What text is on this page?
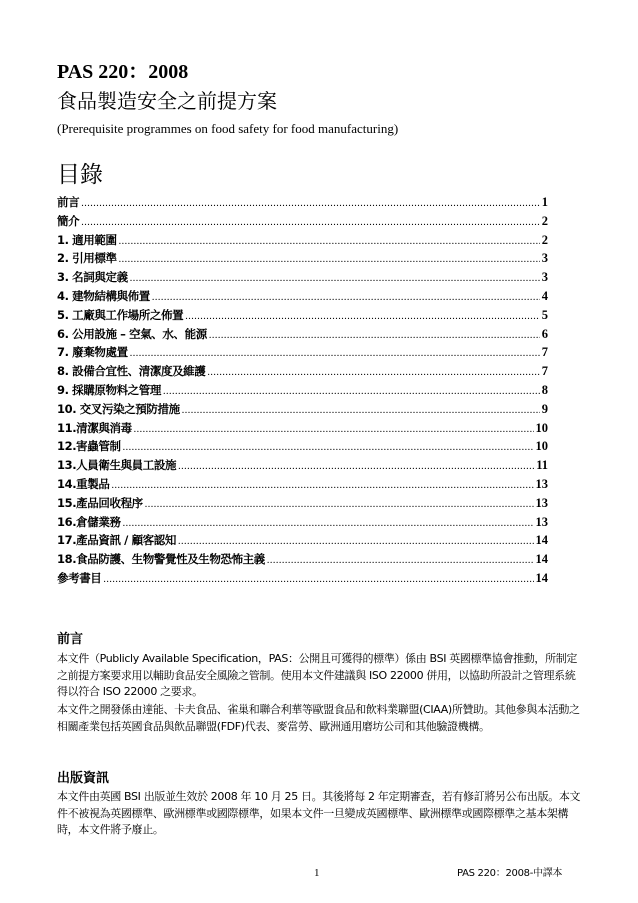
PAS 220：2008
食品製造安全之前提方案
(Prerequisite programmes on food safety for food manufacturing)
目錄
前言 .....	1
簡介 .....	2
1. 適用範圍 .....	2
2. 引用標準 .....	3
3. 名詞與定義 .....	3
4. 建物結構與佈置 .....	4
5. 工廠與工作場所之佈置 .....	5
6. 公用設施 – 空氣、水、能源 .....	6
7. 廢棄物處置 .....	7
8. 設備合宜性、清潔度及維護 .....	7
9. 採購原物料之管理 .....	8
10. 交叉污染之預防措施 .....	9
11.清潔與消毒 .....	10
12.害蟲管制 .....	10
13.人員衛生與員工設施 .....	11
14.重製品 .....	13
15.產品回收程序 .....	13
16.倉儲業務 .....	13
17.產品資訊 / 顧客認知 .....	14
18.食品防護、生物警覺性及生物恐怖主義 .....	14
參考書目 .....	14
前言

本文件（Publicly Available Specification，PAS：公開且可獲得的標準）係由 BSI 英國標準協會推動，所制定之前提方案要求用以輔助食品安全風險之管制。使用本文件建議與 ISO 22000 併用，以協助所設計之管理系統得以符合 ISO 22000 之要求。

本文件之開發係由達能、卡夫食品、雀巢和聯合利華等歐盟食品和飲料業聯盟(CIAA)所贊助。其他參與本活動之相關產業包括英國食品與飲品聯盟(FDF)代表、麥當勞、歐洲通用磨坊公司和其他驗證機構。

出版資訊

本文件由英國 BSI 出版並生效於 2008 年 10 月 25 日。其後將每 2 年定期審查，若有修訂將另公布出版。本文件不被視為英國標準、歐洲標準或國際標準，如果本文件一旦變成英國標準、歐洲標準或國際標準之基本架構時，本文件將予廢止。

1	PAS 220：2008-中譯本
